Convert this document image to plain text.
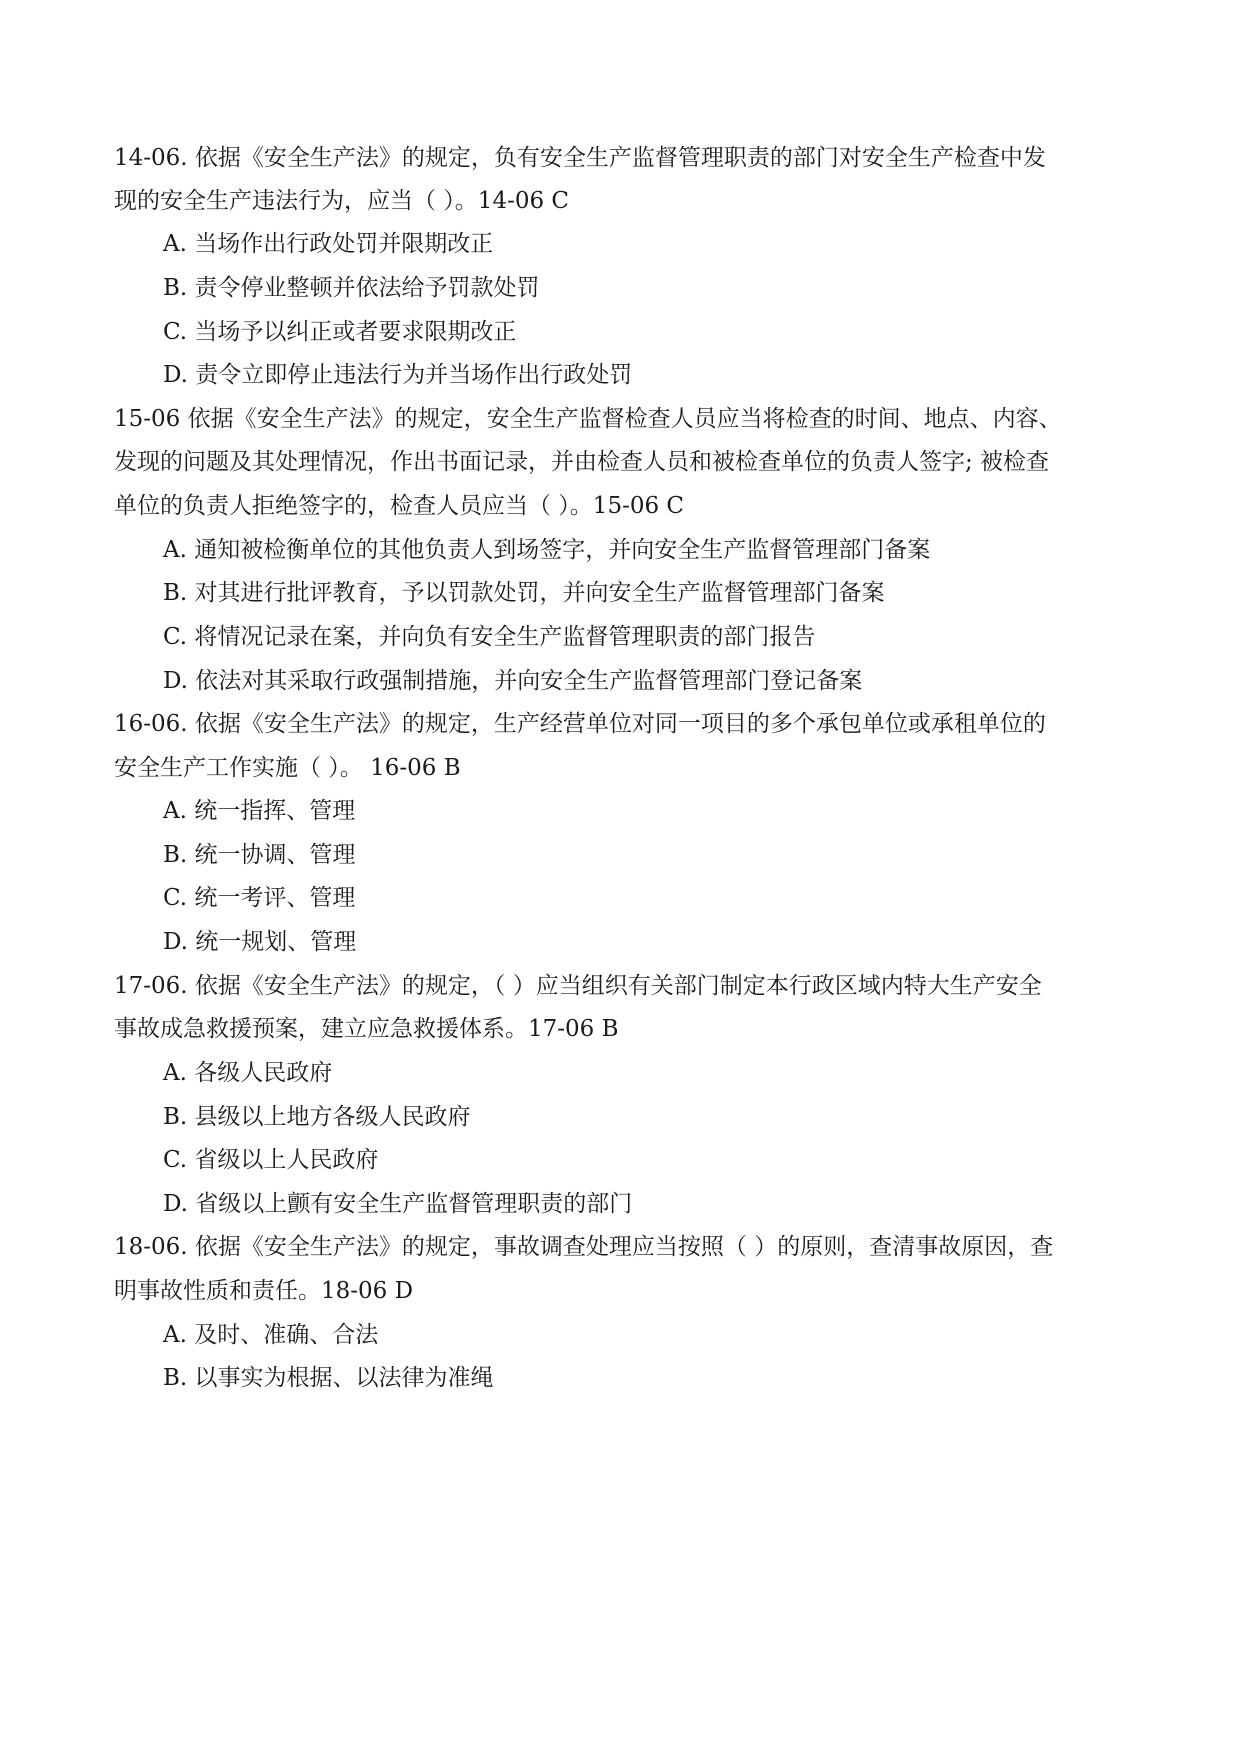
14-06. 依据《安全生产法》的规定，负有安全生产监督管理职责的部门对安全生产检查中发
现的安全生产违法行为，应当（ ）。14-06 C
A. 当场作出行政处罚并限期改正
B. 责令停业整顿并依法给予罚款处罚
C. 当场予以纠正或者要求限期改正
D. 责令立即停止违法行为并当场作出行政处罚
15-06 依据《安全生产法》的规定，安全生产监督检查人员应当将检查的时间、地点、内容、
发现的问题及其处理情况，作出书面记录，并由检查人员和被检查单位的负责人签字; 被检查
单位的负责人拒绝签字的，检查人员应当（ ）。15-06 C
A. 通知被检衡单位的其他负责人到场签字，并向安全生产监督管理部门备案
B. 对其进行批评教育，予以罚款处罚，并向安全生产监督管理部门备案
C. 将情况记录在案，并向负有安全生产监督管理职责的部门报告
D. 依法对其采取行政强制措施，并向安全生产监督管理部门登记备案
16-06. 依据《安全生产法》的规定，生产经营单位对同一项目的多个承包单位或承租单位的
安全生产工作实施（ ）。 16-06 B
A. 统一指挥、管理
B. 统一协调、管理
C. 统一考评、管理
D. 统一规划、管理
17-06. 依据《安全生产法》的规定，（ ）应当组织有关部门制定本行政区域内特大生产安全
事故成急救援预案，建立应急救援体系。17-06 B
A. 各级人民政府
B. 县级以上地方各级人民政府
C. 省级以上人民政府
D. 省级以上颤有安全生产监督管理职责的部门
18-06. 依据《安全生产法》的规定，事故调查处理应当按照（ ）的原则，查清事故原因，查
明事故性质和责任。18-06 D
A. 及时、准确、合法
B. 以事实为根据、以法律为准绳
